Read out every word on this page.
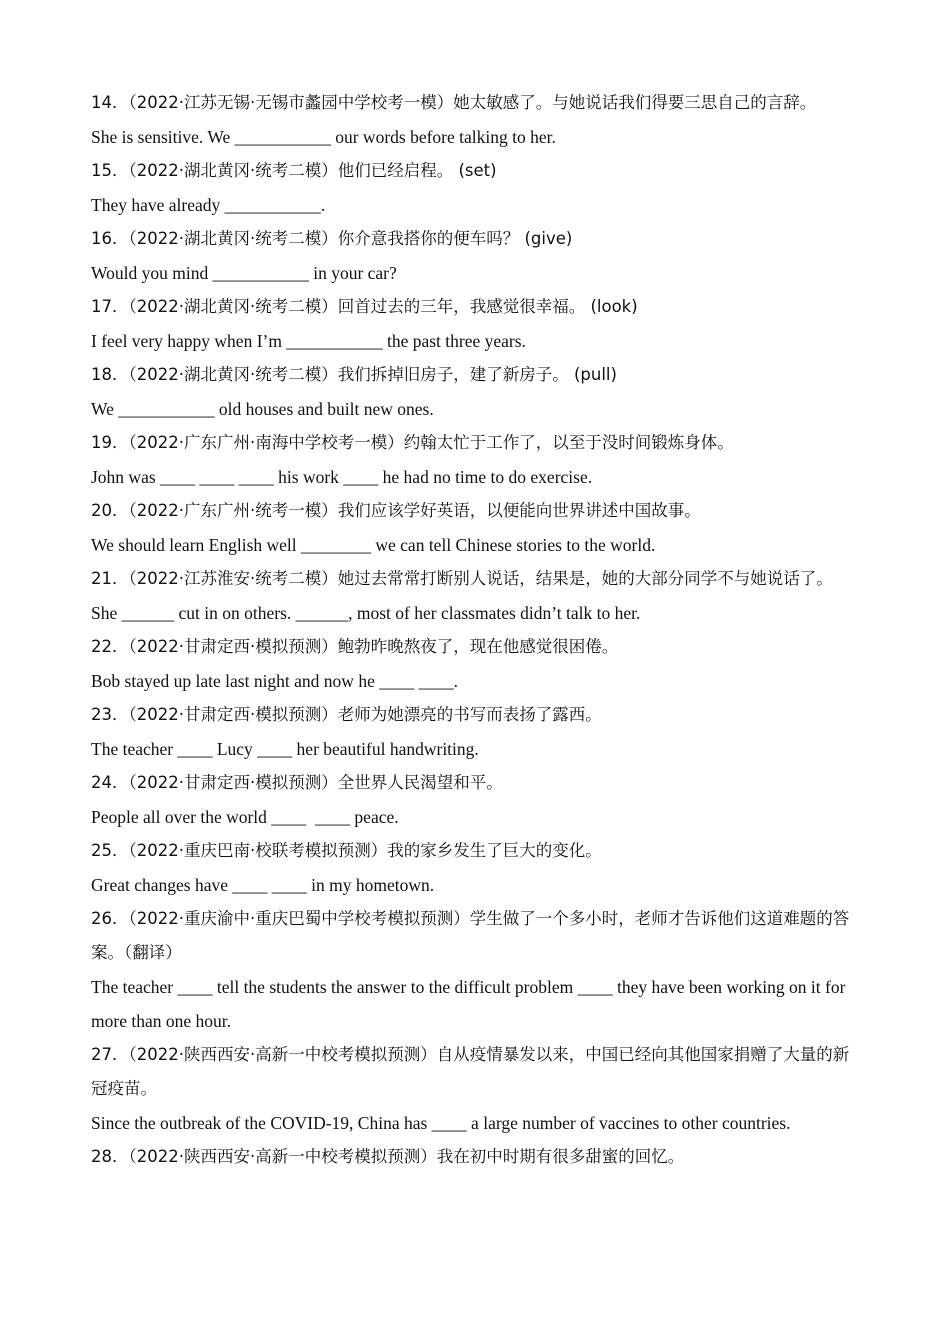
14．（2022·江苏无锡·无锡市蠡园中学校考一模）她太敏感了。与她说话我们得要三思自己的言辞。
She is sensitive. We ___________ our words before talking to her.
15．（2022·湖北黄冈·统考二模）他们已经启程。 (set)
They have already ___________.
16．（2022·湖北黄冈·统考二模）你介意我搭你的便车吗？ (give)
Would you mind ___________ in your car?
17．（2022·湖北黄冈·统考二模）回首过去的三年，我感觉很幸福。 (look)
I feel very happy when I’m ___________ the past three years.
18．（2022·湖北黄冈·统考二模）我们拆掉旧房子，建了新房子。 (pull)
We ___________ old houses and built new ones.
19．（2022·广东广州·南海中学校考一模）约翰太忙于工作了，以至于没时间锻炼身体。
John was ____ ____ ____ his work ____ he had no time to do exercise.
20．（2022·广东广州·统考一模）我们应该学好英语，以便能向世界讲述中国故事。
We should learn English well ________ we can tell Chinese stories to the world.
21．（2022·江苏淮安·统考二模）她过去常常打断别人说话，结果是，她的大部分同学不与她说话了。
She ______ cut in on others. ______, most of her classmates didn’t talk to her.
22．（2022·甘肃定西·模拟预测）鲍勃昨晚熬夜了，现在他感觉很困倦。
Bob stayed up late last night and now he ____ ____.
23．（2022·甘肃定西·模拟预测）老师为她漂亮的书写而表扬了露西。
The teacher ____ Lucy ____ her beautiful handwriting.
24．（2022·甘肃定西·模拟预测）全世界人民渴望和平。
People all over the world ____  ____ peace.
25．（2022·重庆巴南·校联考模拟预测）我的家乡发生了巨大的变化。
Great changes have ____ ____ in my hometown.
26．（2022·重庆渝中·重庆巴蜀中学校考模拟预测）学生做了一个多小时，老师才告诉他们这道难题的答案。（翻译）
The teacher ____ tell the students the answer to the difficult problem ____ they have been working on it for more than one hour.
27．（2022·陕西西安·高新一中校考模拟预测）自从疫情暴发以来，中国已经向其他国家捐赠了大量的新冠疫苗。
Since the outbreak of the COVID-19, China has ____ a large number of vaccines to other countries.
28．（2022·陕西西安·高新一中校考模拟预测）我在初中时期有很多甜蜜的回忆。
